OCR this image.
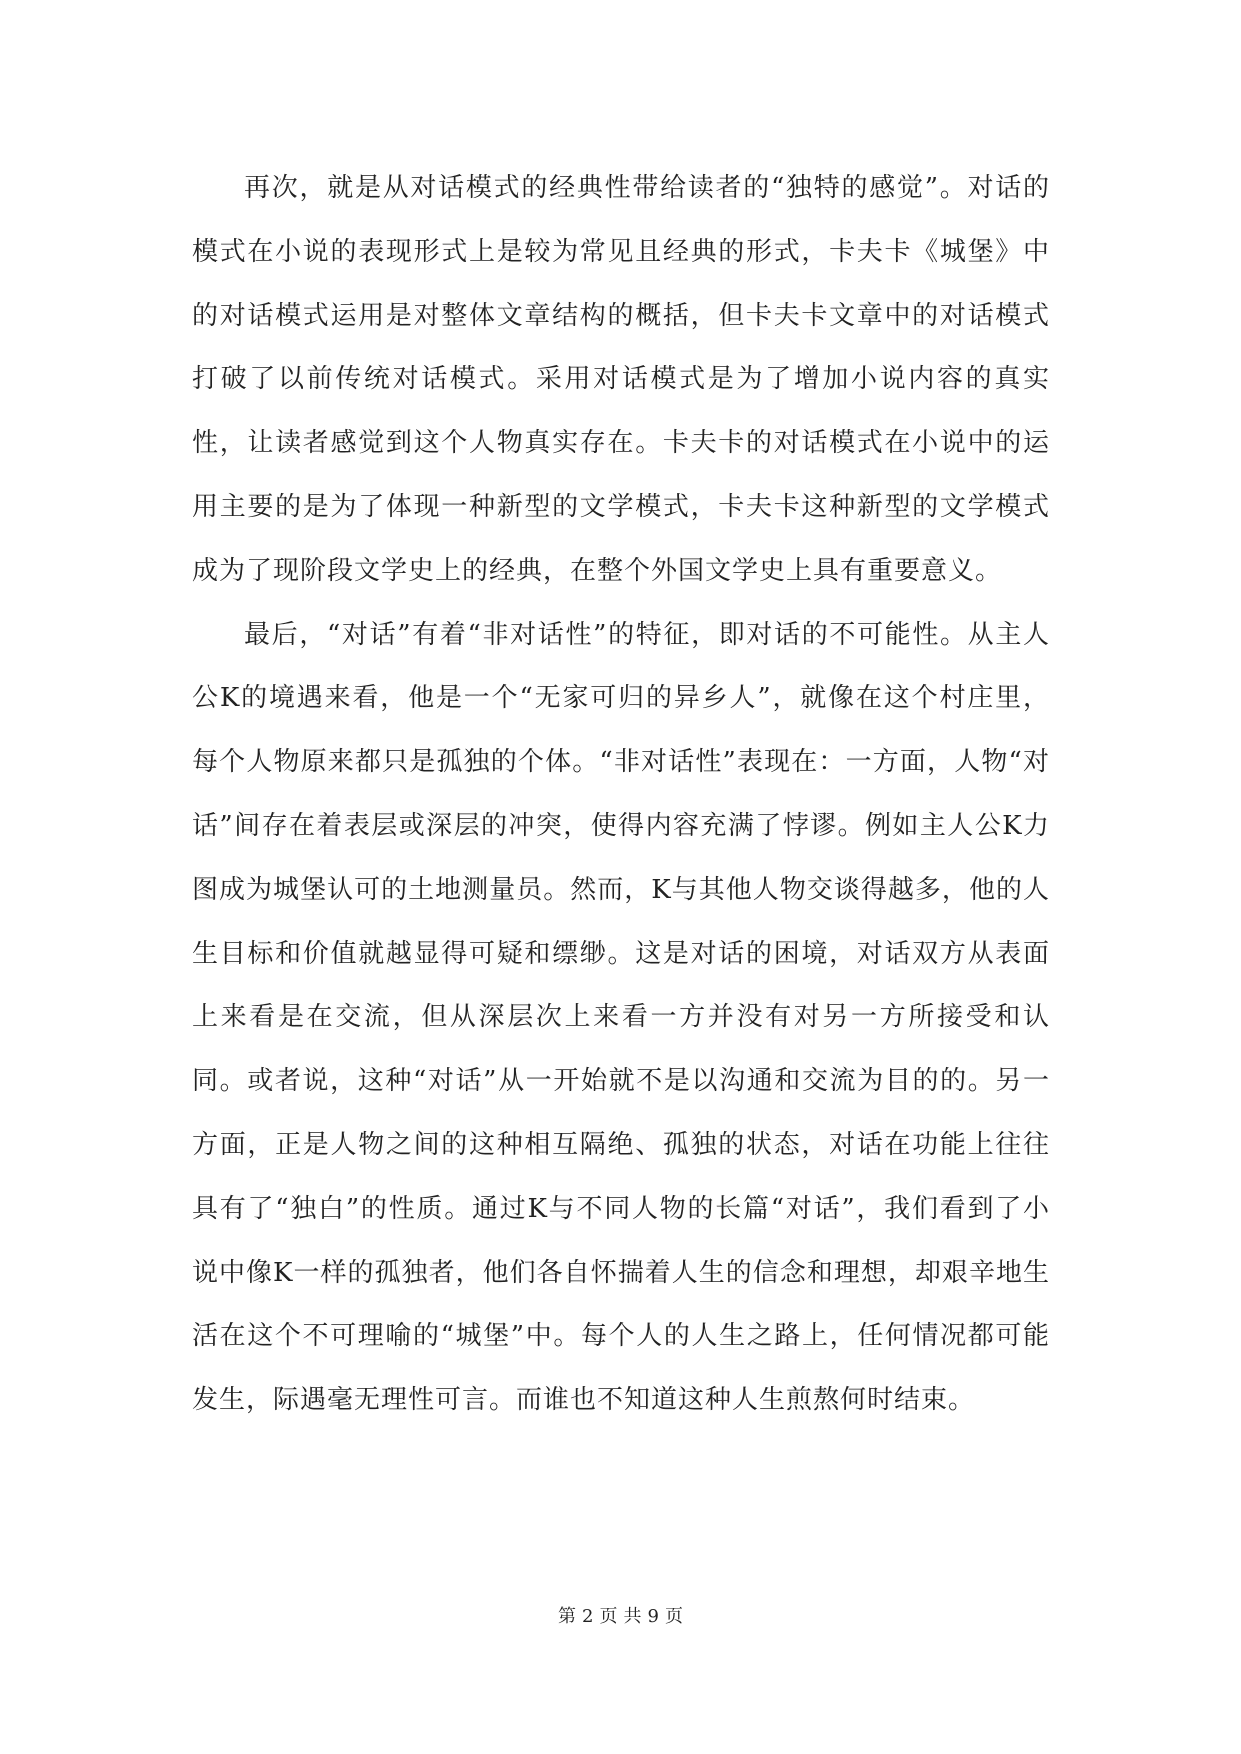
再次，就是从对话模式的经典性带给读者的“独特的感觉”。对话的模式在小说的表现形式上是较为常见且经典的形式，卡夫卡《城堡》中的对话模式运用是对整体文章结构的概括，但卡夫卡文章中的对话模式打破了以前传统对话模式。采用对话模式是为了增加小说内容的真实性，让读者感觉到这个人物真实存在。卡夫卡的对话模式在小说中的运用主要的是为了体现一种新型的文学模式，卡夫卡这种新型的文学模式成为了现阶段文学史上的经典，在整个外国文学史上具有重要意义。

最后，“对话”有着“非对话性”的特征，即对话的不可能性。从主人公K的境遇来看，他是一个“无家可归的异乡人”，就像在这个村庄里，每个人物原来都只是孤独的个体。“非对话性”表现在：一方面，人物“对话”间存在着表层或深层的冲突，使得内容充满了悖谬。例如主人公K力图成为城堡认可的土地测量员。然而，K与其他人物交谈得越多，他的人生目标和价值就越显得可疑和缥缈。这是对话的困境，对话双方从表面上来看是在交流，但从深层次上来看一方并没有对另一方所接受和认同。或者说，这种“对话”从一开始就不是以沟通和交流为目的的。另一方面，正是人物之间的这种相互隔绝、孤独的状态，对话在功能上往往具有了“独白”的性质。通过K与不同人物的长篇“对话”，我们看到了小说中像K一样的孤独者，他们各自怀揣着人生的信念和理想，却艰辛地生活在这个不可理喻的“城堡”中。每个人的人生之路上，任何情况都可能发生，际遇毫无理性可言。而谁也不知道这种人生煎熬何时结束。

第 2 页 共 9 页
